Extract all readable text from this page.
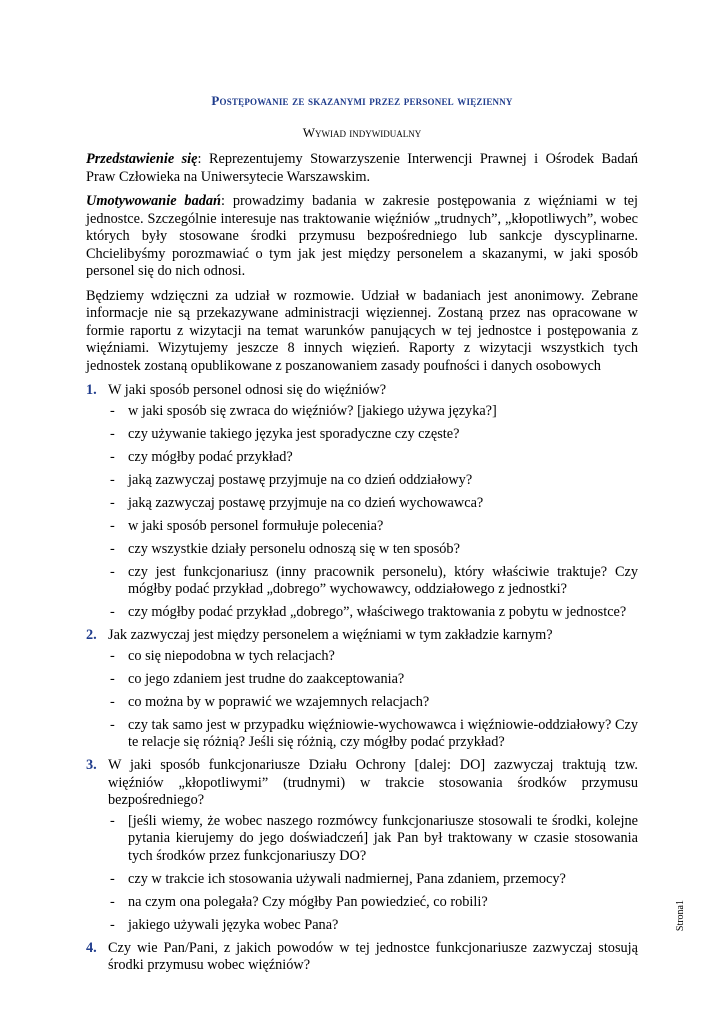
Postępowanie ze skazanymi przez personel więzienny
Wywiad indywidualny

Przedstawienie się: Reprezentujemy Stowarzyszenie Interwencji Prawnej i Ośrodek Badań Praw Człowieka na Uniwersytecie Warszawskim.

Umotywowanie badań: prowadzimy badania w zakresie postępowania z więźniami w tej jednostce. Szczególnie interesuje nas traktowanie więźniów „trudnych”, „kłopotliwych”, wobec których były stosowane środki przymusu bezpośredniego lub sankcje dyscyplinarne. Chcielibyśmy porozmawiać o tym jak jest między personelem a skazanymi, w jaki sposób personel się do nich odnosi.

Będziemy wdzięczni za udział w rozmowie. Udział w badaniach jest anonimowy. Zebrane informacje nie są przekazywane administracji więziennej. Zostaną przez nas opracowane w formie raportu z wizytacji na temat warunków panujących w tej jednostce i postępowania z więźniami. Wizytujemy jeszcze 8 innych więzień. Raporty z wizytacji wszystkich tych jednostek zostaną opublikowane z poszanowaniem zasady poufności i danych osobowych

1. W jaki sposób personel odnosi się do więźniów?
- w jaki sposób się zwraca do więźniów? [jakiego używa języka?]
- czy używanie takiego języka jest sporadyczne czy częste?
- czy mógłby podać przykład?
- jaką zazwyczaj postawę przyjmuje na co dzień oddziałowy?
- jaką zazwyczaj postawę przyjmuje na co dzień wychowawca?
- w jaki sposób personel formułuje polecenia?
- czy wszystkie działy personelu odnoszą się w ten sposób?
- czy jest funkcjonariusz (inny pracownik personelu), który właściwie traktuje? Czy mógłby podać przykład „dobrego” wychowawcy, oddziałowego z jednostki?
- czy mógłby podać przykład „dobrego”, właściwego traktowania z pobytu w jednostce?
2. Jak zazwyczaj jest między personelem a więźniami w tym zakładzie karnym?
- co się niepodobna w tych relacjach?
- co jego zdaniem jest trudne do zaakceptowania?
- co można by w poprawić we wzajemnych relacjach?
- czy tak samo jest w przypadku więźniowie-wychowawca i więźniowie-oddziałowy? Czy te relacje się różnią? Jeśli się różnią, czy mógłby podać przykład?
3. W jaki sposób funkcjonariusze Działu Ochrony [dalej: DO] zazwyczaj traktują tzw. więźniów „kłopotliwymi” (trudnymi) w trakcie stosowania środków przymusu bezpośredniego?
- [jeśli wiemy, że wobec naszego rozmówcy funkcjonariusze stosowali te środki, kolejne pytania kierujemy do jego doświadczeń] jak Pan był traktowany w czasie stosowania tych środków przez funkcjonariuszy DO?
- czy w trakcie ich stosowania używali nadmiernej, Pana zdaniem, przemocy?
- na czym ona polegała? Czy mógłby Pan powiedzieć, co robili?
- jakiego używali języka wobec Pana?
4. Czy wie Pan/Pani, z jakich powodów w tej jednostce funkcjonariusze zazwyczaj stosują środki przymusu wobec więźniów?
Strona1
